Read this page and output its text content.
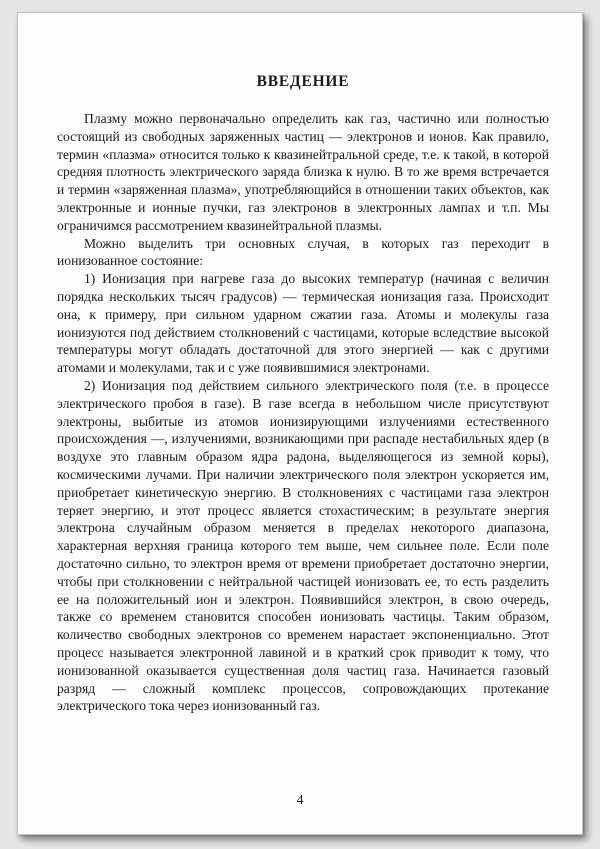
ВВЕДЕНИЕ

Плазму можно первоначально определить как газ, частично или полностью состоящий из свободных заряженных частиц — электронов и ионов. Как правило, термин «плазма» относится только к квазинейтральной среде, т.е. к такой, в которой средняя плотность электрического заряда близка к нулю. В то же время встречается и термин «заряженная плазма», употребляющийся в отношении таких объектов, как электронные и ионные пучки, газ электронов в электронных лампах и т.п. Мы ограничимся рассмотрением квазинейтральной плазмы.

Можно выделить три основных случая, в которых газ переходит в ионизованное состояние:

1) Ионизация при нагреве газа до высоких температур (начиная с величин порядка нескольких тысяч градусов) — термическая ионизация газа. Происходит она, к примеру, при сильном ударном сжатии газа. Атомы и молекулы газа ионизуются под действием столкновений с частицами, которые вследствие высокой температуры могут обладать достаточной для этого энергией — как с другими атомами и молекулами, так и с уже появившимися электронами.

2) Ионизация под действием сильного электрического поля (т.е. в процессе электрического пробоя в газе). В газе всегда в небольшом числе присутствуют электроны, выбитые из атомов ионизирующими излучениями естественного происхождения —, излучениями, возникающими при распаде нестабильных ядер (в воздухе это главным образом ядра радона, выделяющегося из земной коры), космическими лучами. При наличии электрического поля электрон ускоряется им, приобретает кинетическую энергию. В столкновениях с частицами газа электрон теряет энергию, и этот процесс является стохастическим; в результате энергия электрона случайным образом меняется в пределах некоторого диапазона, характерная верхняя граница которого тем выше, чем сильнее поле. Если поле достаточно сильно, то электрон время от времени приобретает достаточно энергии, чтобы при столкновении с нейтральной частицей ионизовать ее, то есть разделить ее на положительный ион и электрон. Появившийся электрон, в свою очередь, также со временем становится способен ионизовать частицы. Таким образом, количество свободных электронов со временем нарастает экспоненциально. Этот процесс называется электронной лавиной и в краткий срок приводит к тому, что ионизованной оказывается существенная доля частиц газа. Начинается газовый разряд — сложный комплекс процессов, сопровождающих протекание электрического тока через ионизованный газ.

4
